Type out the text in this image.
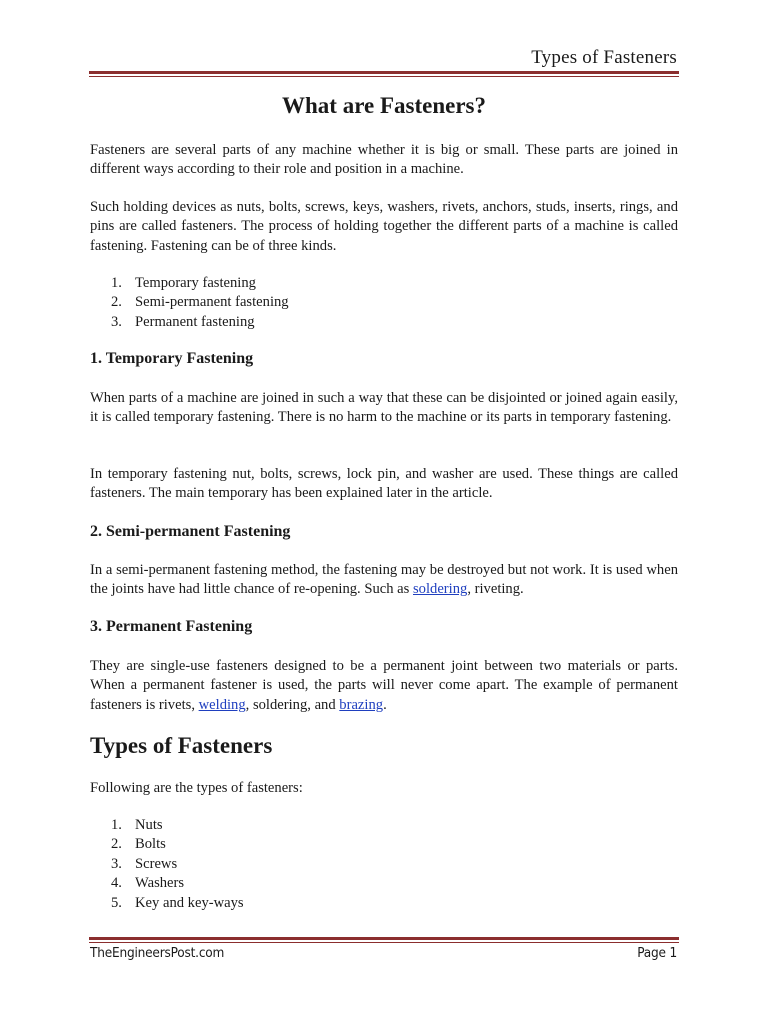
Types of Fasteners
What are Fasteners?

Fasteners are several parts of any machine whether it is big or small. These parts are joined in different ways according to their role and position in a machine.

Such holding devices as nuts, bolts, screws, keys, washers, rivets, anchors, studs, inserts, rings, and pins are called fasteners. The process of holding together the different parts of a machine is called fastening. Fastening can be of three kinds.

1. Temporary fastening
2. Semi-permanent fastening
3. Permanent fastening
1. Temporary Fastening

When parts of a machine are joined in such a way that these can be disjointed or joined again easily, it is called temporary fastening. There is no harm to the machine or its parts in temporary fastening.

In temporary fastening nut, bolts, screws, lock pin, and washer are used. These things are called fasteners. The main temporary has been explained later in the article.

2. Semi-permanent Fastening

In a semi-permanent fastening method, the fastening may be destroyed but not work. It is used when the joints have had little chance of re-opening. Such as soldering, riveting.

3. Permanent Fastening

They are single-use fasteners designed to be a permanent joint between two materials or parts. When a permanent fastener is used, the parts will never come apart. The example of permanent fasteners is rivets, welding, soldering, and brazing.

Types of Fasteners

Following are the types of fasteners:

1. Nuts
2. Bolts
3. Screws
4. Washers
5. Key and key-ways
TheEngineersPost.com	Page 1
